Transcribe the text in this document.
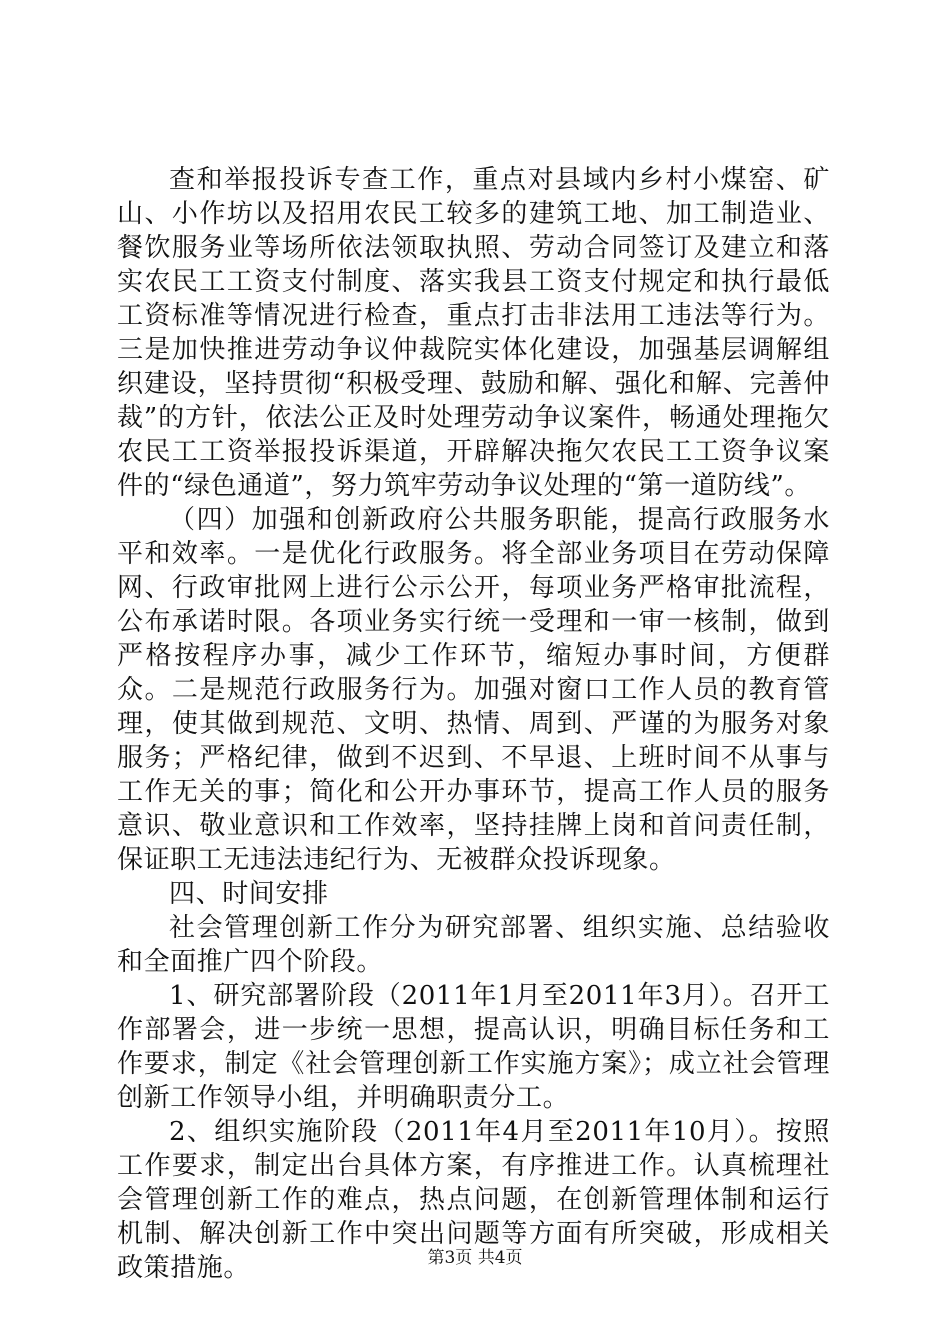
查和举报投诉专查工作，重点对县域内乡村小煤窑、矿山、小作坊以及招用农民工较多的建筑工地、加工制造业、餐饮服务业等场所依法领取执照、劳动合同签订及建立和落实农民工工资支付制度、落实我县工资支付规定和执行最低工资标准等情况进行检查，重点打击非法用工违法等行为。三是加快推进劳动争议仲裁院实体化建设，加强基层调解组织建设，坚持贯彻“积极受理、鼓励和解、强化和解、完善仲裁”的方针，依法公正及时处理劳动争议案件，畅通处理拖欠农民工工资举报投诉渠道，开辟解决拖欠农民工工资争议案件的“绿色通道”，努力筑牢劳动争议处理的“第一道防线”。

（四）加强和创新政府公共服务职能，提高行政服务水平和效率。一是优化行政服务。将全部业务项目在劳动保障网、行政审批网上进行公示公开，每项业务严格审批流程，公布承诺时限。各项业务实行统一受理和一审一核制，做到严格按程序办事，减少工作环节，缩短办事时间，方便群众。二是规范行政服务行为。加强对窗口工作人员的教育管理，使其做到规范、文明、热情、周到、严谨的为服务对象服务；严格纪律，做到不迟到、不早退、上班时间不从事与工作无关的事；简化和公开办事环节，提高工作人员的服务意识、敬业意识和工作效率，坚持挂牌上岗和首问责任制，保证职工无违法违纪行为、无被群众投诉现象。

四、时间安排

社会管理创新工作分为研究部署、组织实施、总结验收和全面推广四个阶段。

1、研究部署阶段（2011年1月至2011年3月）。召开工作部署会，进一步统一思想，提高认识，明确目标任务和工作要求，制定《社会管理创新工作实施方案》；成立社会管理创新工作领导小组，并明确职责分工。

2、组织实施阶段（2011年4月至2011年10月）。按照工作要求，制定出台具体方案，有序推进工作。认真梳理社会管理创新工作的难点，热点问题，在创新管理体制和运行机制、解决创新工作中突出问题等方面有所突破，形成相关政策措施。	第3页 共4页
